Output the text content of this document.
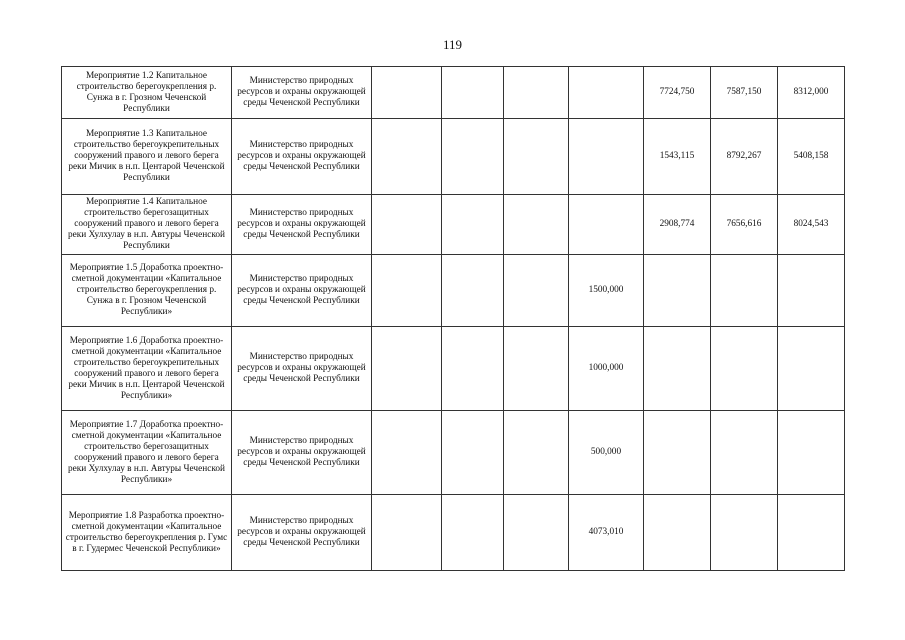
119
Мероприятие 1.2 Капитальное строительство берегоукрепления р. Сунжа в г. Грозном Чеченской Республики	Министерство природных ресурсов и охраны окружающей среды Чеченской Республики					7724,750	7587,150	8312,000
Мероприятие 1.3 Капитальное строительство берегоукрепительных сооружений правого и левого берега реки Мичик в н.п. Центарой Чеченской Республики	Министерство природных ресурсов и охраны окружающей среды Чеченской Республики					1543,115	8792,267	5408,158
Мероприятие 1.4 Капитальное строительство берегозащитных сооружений правого и левого берега реки Хулхулау в н.п. Автуры Чеченской Республики	Министерство природных ресурсов и охраны окружающей среды Чеченской Республики					2908,774	7656,616	8024,543
Мероприятие 1.5 Доработка проектно-сметной документации «Капитальное строительство берегоукрепления р. Сунжа в г. Грозном Чеченской Республики»	Министерство природных ресурсов и охраны окружающей среды Чеченской Республики				1500,000			
Мероприятие 1.6 Доработка проектно-сметной документации «Капитальное строительство берегоукрепительных сооружений правого и левого берега реки Мичик в н.п. Центарой Чеченской Республики»	Министерство природных ресурсов и охраны окружающей среды Чеченской Республики				1000,000			
Мероприятие 1.7 Доработка проектно-сметной документации «Капитальное строительство берегозащитных сооружений правого и левого берега реки Хулхулау в н.п. Автуры Чеченской Республики»	Министерство природных ресурсов и охраны окружающей среды Чеченской Республики				500,000			
Мероприятие 1.8 Разработка проектно-сметной документации «Капитальное строительство берегоукрепления р. Гумс в г. Гудермес Чеченской Республики»	Министерство природных ресурсов и охраны окружающей среды Чеченской Республики				4073,010			
